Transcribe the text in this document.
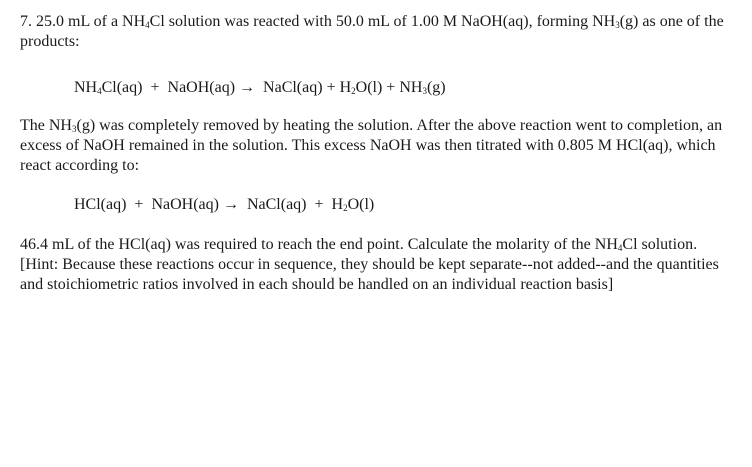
7. 25.0 mL of a $NH_4Cl$ solution was reacted with 50.0 mL of 1.00 M NaOH(aq), forming $NH_3(g)$ as one of the products:

$NH_4Cl(aq)$  +  NaOH(aq) →  NaCl(aq) + $H_2O(l) + NH_3(g)$

The $NH_3(g)$ was completely removed by heating the solution. After the above reaction went to completion, an excess of NaOH remained in the solution. This excess NaOH was then titrated with 0.805 M HCl(aq), which react according to:

HCl(aq)  +  NaOH(aq) →  NaCl(aq)  +  $H_2O(l)$

46.4 mL of the HCl(aq) was required to reach the end point. Calculate the molarity of the $NH_4Cl$ solution. [Hint: Because these reactions occur in sequence, they should be kept separate--not added--and the quantities and stoichiometric ratios involved in each should be handled on an individual reaction basis]
